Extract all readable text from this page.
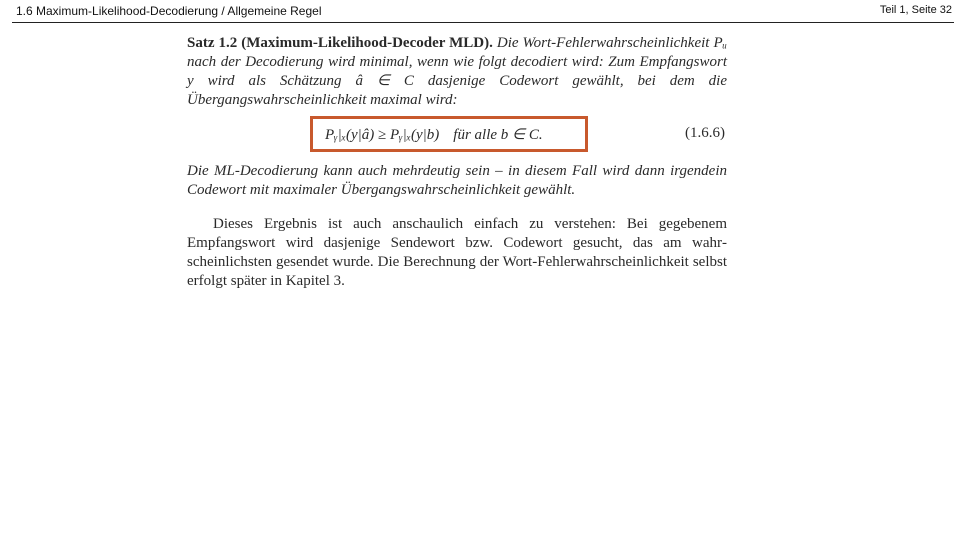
1.6 Maximum-Likelihood-Decodierung / Allgemeine Regel	Teil 1, Seite 32

Satz 1.2 (Maximum-Likelihood-Decoder MLD). Die Wort-Fehlerwahrscheinlichkeit Pᵤ nach der Decodierung wird minimal, wenn wie folgt decodiert wird: Zum Empfangswort y wird als Schätzung â ∈ C dasjenige Codewort gewählt, bei dem die Übergangswahrscheinlichkeit maximal wird:

Pᵧ|ₓ(y|â) ≥ Pᵧ|ₓ(y|b) für alle b ∈ C.	(1.6.6)

Die ML-Decodierung kann auch mehrdeutig sein – in diesem Fall wird dann irgendein Codewort mit maximaler Übergangswahrscheinlichkeit gewählt.

Dieses Ergebnis ist auch anschaulich einfach zu verstehen: Bei gegebenem Empfangswort wird dasjenige Sendewort bzw. Codewort gesucht, das am wahrscheinlichsten gesendet wurde. Die Berechnung der Wort-Fehlerwahrscheinlichkeit selbst erfolgt später in Kapitel 3.
